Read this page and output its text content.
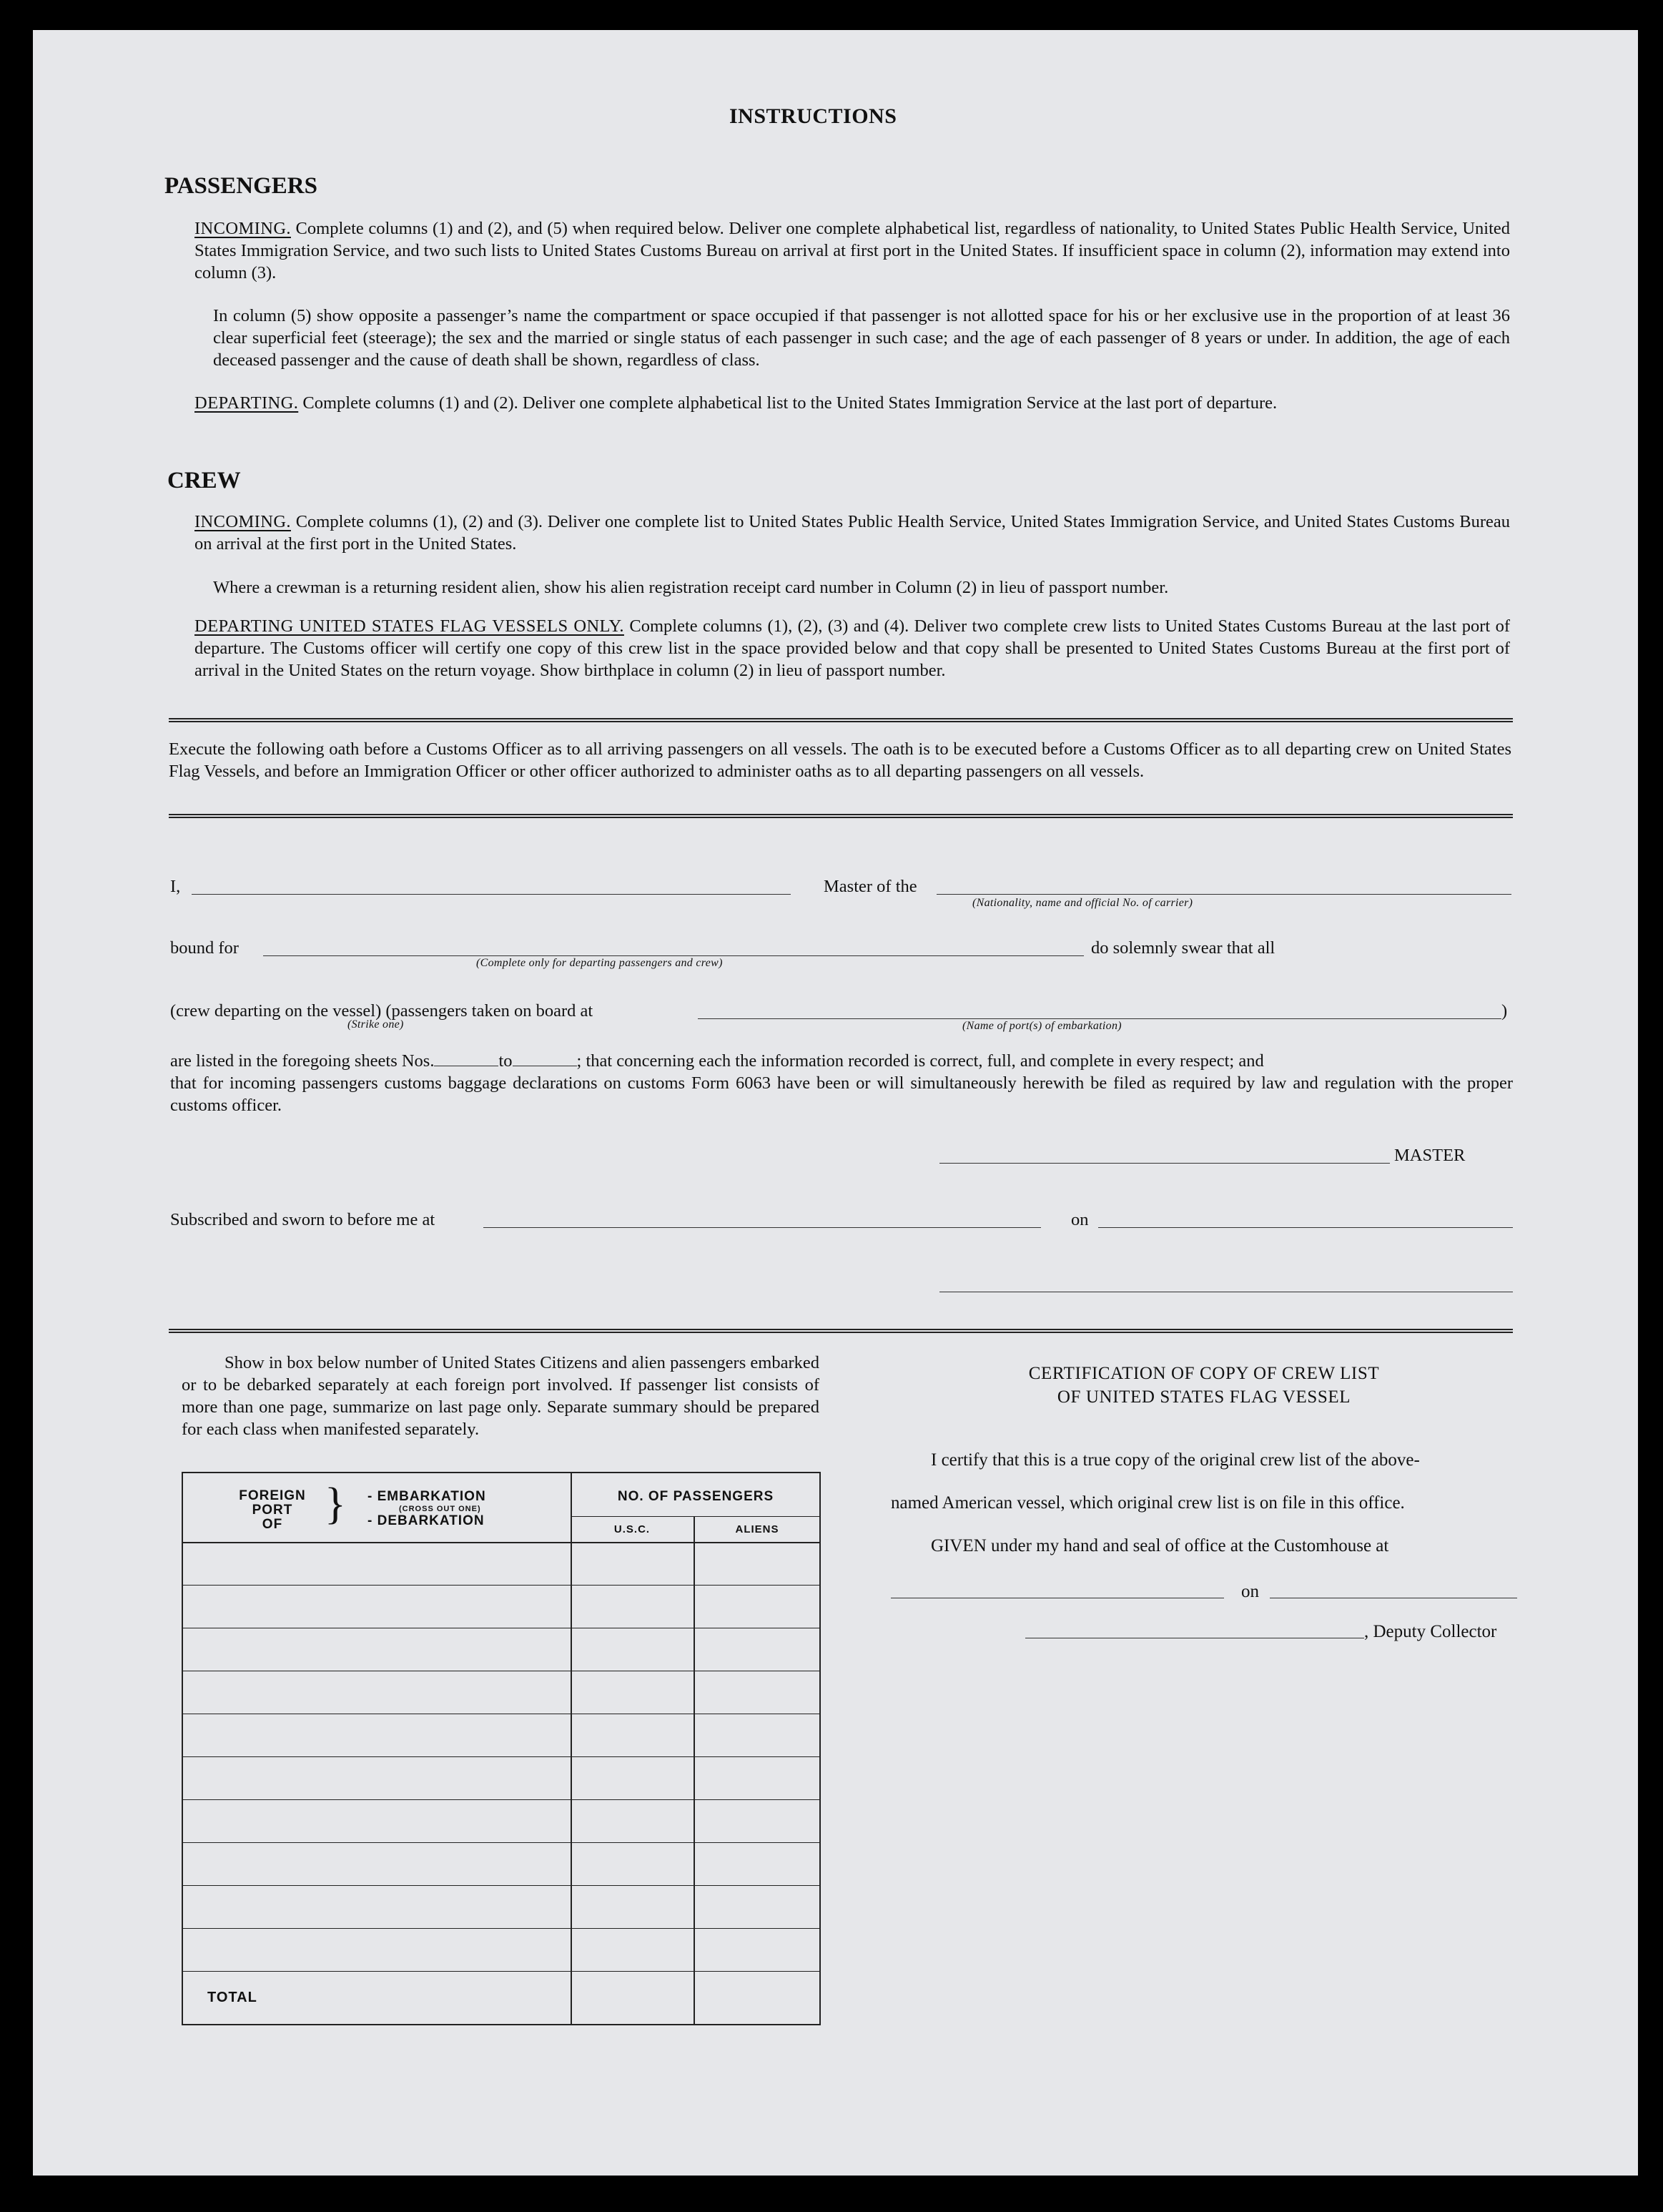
INSTRUCTIONS
PASSENGERS
INCOMING. Complete columns (1) and (2), and (5) when required below. Deliver one complete alphabetical list, regardless of nationality, to United States Public Health Service, United States Immigration Service, and two such lists to United States Customs Bureau on arrival at first port in the United States. If insufficient space in column (2), information may extend into column (3).
In column (5) show opposite a passenger’s name the compartment or space occupied if that passenger is not allotted space for his or her exclusive use in the proportion of at least 36 clear superficial feet (steerage); the sex and the married or single status of each passenger in such case; and the age of each passenger of 8 years or under. In addition, the age of each deceased passenger and the cause of death shall be shown, regardless of class.
DEPARTING. Complete columns (1) and (2). Deliver one complete alphabetical list to the United States Immigration Service at the last port of departure.
CREW
INCOMING. Complete columns (1), (2) and (3). Deliver one complete list to United States Public Health Service, United States Immigration Service, and United States Customs Bureau on arrival at the first port in the United States.
Where a crewman is a returning resident alien, show his alien registration receipt card number in Column (2) in lieu of passport number.
DEPARTING UNITED STATES FLAG VESSELS ONLY. Complete columns (1), (2), (3) and (4). Deliver two complete crew lists to United States Customs Bureau at the last port of departure. The Customs officer will certify one copy of this crew list in the space provided below and that copy shall be presented to United States Customs Bureau at the first port of arrival in the United States on the return voyage. Show birthplace in column (2) in lieu of passport number.
Execute the following oath before a Customs Officer as to all arriving passengers on all vessels. The oath is to be executed before a Customs Officer as to all departing crew on United States Flag Vessels, and before an Immigration Officer or other officer authorized to administer oaths as to all departing passengers on all vessels.
I,	Master of the
(Nationality, name and official No. of carrier)
bound for
(Complete only for departing passengers and crew)
do solemnly swear that all
(crew departing on the vessel) (passengers taken on board at
(Strike one)	(Name of port(s) of embarkation)
)
are listed in the foregoing sheets Nos.	to	; that concerning each the information recorded is correct, full, and complete in every respect; and
that for incoming passengers customs baggage declarations on customs Form 6063 have been or will simultaneously herewith be filed as required by law and regulation with the proper customs officer.
MASTER
Subscribed and sworn to before me at	on
Show in box below number of United States Citizens and alien passengers embarked or to be debarked separately at each foreign port involved. If passenger list consists of more than one page, summarize on last page only. Separate summary should be prepared for each class when manifested separately.
FOREIGN
PORT
OF } - EMBARKATION
(CROSS OUT ONE)
- DEBARKATION
NO. OF PASSENGERS
U.S.C.	ALIENS
TOTAL
CERTIFICATION OF COPY OF CREW LIST
OF UNITED STATES FLAG VESSEL
I certify that this is a true copy of the original crew list of the above-
named American vessel, which original crew list is on file in this office.
GIVEN under my hand and seal of office at the Customhouse at
on
, Deputy Collector
